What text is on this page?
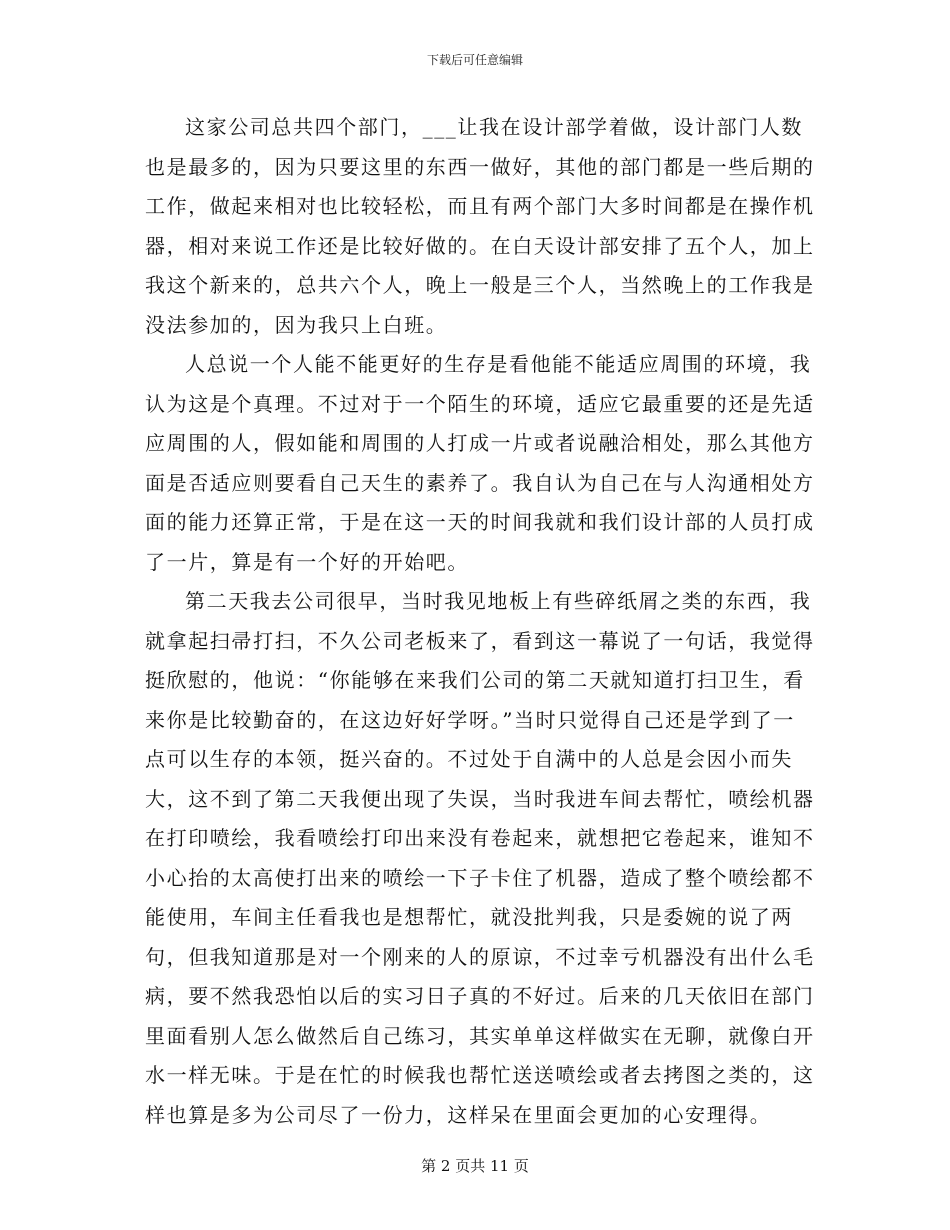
下载后可任意编辑

这家公司总共四个部门，___让我在设计部学着做，设计部门人数也是最多的，因为只要这里的东西一做好，其他的部门都是一些后期的工作，做起来相对也比较轻松，而且有两个部门大多时间都是在操作机器，相对来说工作还是比较好做的。在白天设计部安排了五个人，加上我这个新来的，总共六个人，晚上一般是三个人，当然晚上的工作我是没法参加的，因为我只上白班。

人总说一个人能不能更好的生存是看他能不能适应周围的环境，我认为这是个真理。不过对于一个陌生的环境，适应它最重要的还是先适应周围的人，假如能和周围的人打成一片或者说融洽相处，那么其他方面是否适应则要看自己天生的素养了。我自认为自己在与人沟通相处方面的能力还算正常，于是在这一天的时间我就和我们设计部的人员打成了一片，算是有一个好的开始吧。

第二天我去公司很早，当时我见地板上有些碎纸屑之类的东西，我就拿起扫帚打扫，不久公司老板来了，看到这一幕说了一句话，我觉得挺欣慰的，他说：“你能够在来我们公司的第二天就知道打扫卫生，看来你是比较勤奋的，在这边好好学呀。”当时只觉得自己还是学到了一点可以生存的本领，挺兴奋的。不过处于自满中的人总是会因小而失大，这不到了第二天我便出现了失误，当时我进车间去帮忙，喷绘机器在打印喷绘，我看喷绘打印出来没有卷起来，就想把它卷起来，谁知不小心抬的太高使打出来的喷绘一下子卡住了机器，造成了整个喷绘都不能使用，车间主任看我也是想帮忙，就没批判我，只是委婉的说了两句，但我知道那是对一个刚来的人的原谅，不过幸亏机器没有出什么毛病，要不然我恐怕以后的实习日子真的不好过。后来的几天依旧在部门里面看别人怎么做然后自己练习，其实单单这样做实在无聊，就像白开水一样无味。于是在忙的时候我也帮忙送送喷绘或者去拷图之类的，这样也算是多为公司尽了一份力，这样呆在里面会更加的心安理得。

第 2 页共 11 页
